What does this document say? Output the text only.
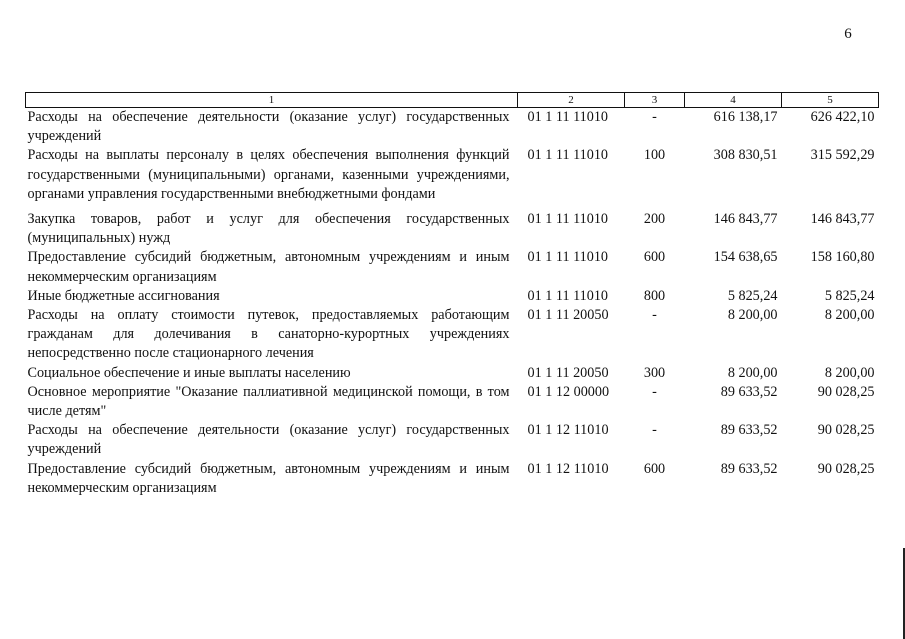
6
1	2	3	4	5
Расходы на обеспечение деятельности (оказание услуг) государственных учреждений	01 1 11 11010	-	616 138,17	626 422,10
Расходы на выплаты персоналу в целях обеспечения выполнения функций государственными (муниципальными) органами, казенными учреждениями, органами управления государственными внебюджетными фондами	01 1 11 11010	100	308 830,51	315 592,29
Закупка товаров, работ и услуг для обеспечения государственных (муниципальных) нужд	01 1 11 11010	200	146 843,77	146 843,77
Предоставление субсидий бюджетным, автономным учреждениям и иным некоммерческим организациям	01 1 11 11010	600	154 638,65	158 160,80
Иные бюджетные ассигнования	01 1 11 11010	800	5 825,24	5 825,24
Расходы на оплату стоимости путевок, предоставляемых работающим гражданам для долечивания в санаторно-курортных учреждениях непосредственно после стационарного лечения	01 1 11 20050	-	8 200,00	8 200,00
Социальное обеспечение и иные выплаты населению	01 1 11 20050	300	8 200,00	8 200,00
Основное мероприятие "Оказание паллиативной медицинской помощи, в том числе детям"	01 1 12 00000	-	89 633,52	90 028,25
Расходы на обеспечение деятельности (оказание услуг) государственных учреждений	01 1 12 11010	-	89 633,52	90 028,25
Предоставление субсидий бюджетным, автономным учреждениям и иным некоммерческим организациям	01 1 12 11010	600	89 633,52	90 028,25
